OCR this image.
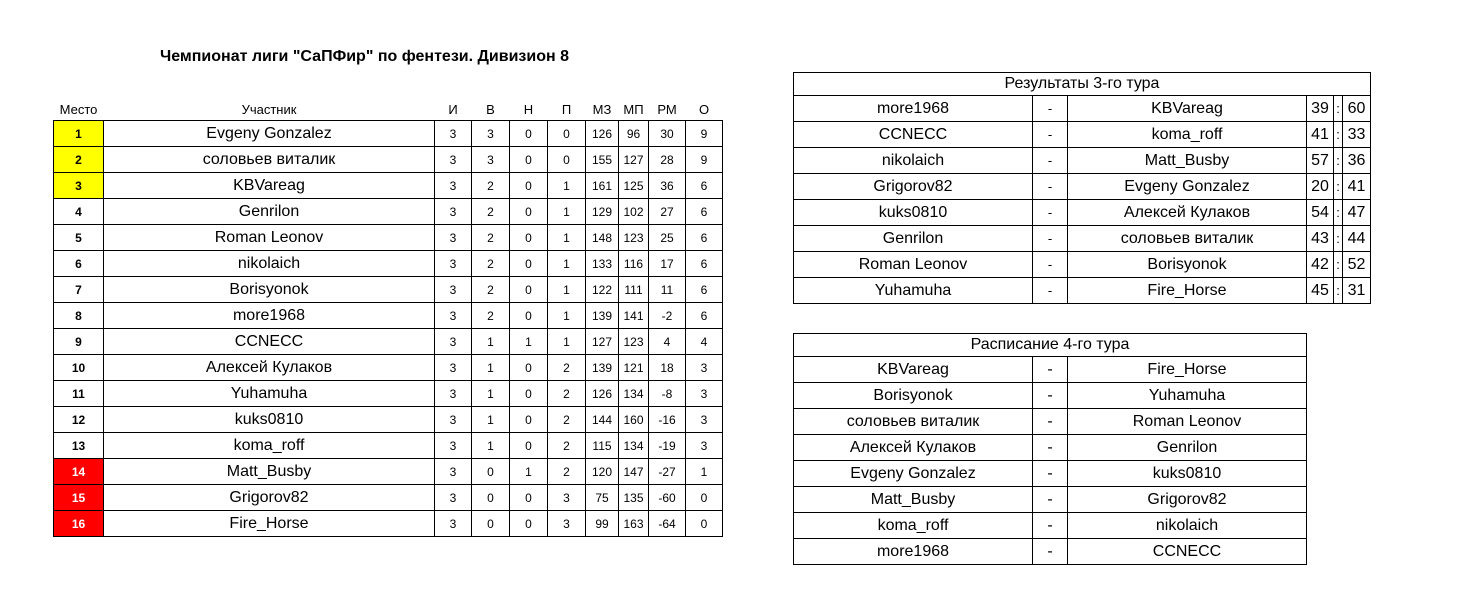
Чемпионат лиги "СаПФир" по фентези. Дивизион 8
Место	Участник	И	В	Н	П	МЗ	МП	РМ	О
1	Evgeny Gonzalez	3	3	0	0	126	96	30	9
2	соловьев виталик	3	3	0	0	155	127	28	9
3	KBVareag	3	2	0	1	161	125	36	6
4	Genrilon	3	2	0	1	129	102	27	6
5	Roman Leonov	3	2	0	1	148	123	25	6
6	nikolaich	3	2	0	1	133	116	17	6
7	Borisyonok	3	2	0	1	122	111	11	6
8	more1968	3	2	0	1	139	141	-2	6
9	CCNECC	3	1	1	1	127	123	4	4
10	Алексей Кулаков	3	1	0	2	139	121	18	3
11	Yuhamuha	3	1	0	2	126	134	-8	3
12	kuks0810	3	1	0	2	144	160	-16	3
13	koma_roff	3	1	0	2	115	134	-19	3
14	Matt_Busby	3	0	1	2	120	147	-27	1
15	Grigorov82	3	0	0	3	75	135	-60	0
16	Fire_Horse	3	0	0	3	99	163	-64	0
Результаты 3-го тура					
more1968	-	KBVareag	39	:	60
CCNECC	-	koma_roff	41	:	33
nikolaich	-	Matt_Busby	57	:	36
Grigorov82	-	Evgeny Gonzalez	20	:	41
kuks0810	-	Алексей Кулаков	54	:	47
Genrilon	-	соловьев виталик	43	:	44
Roman Leonov	-	Borisyonok	42	:	52
Yuhamuha	-	Fire_Horse	45	:	31
Расписание 4-го тура		
KBVareag	-	Fire_Horse
Borisyonok	-	Yuhamuha
соловьев виталик	-	Roman Leonov
Алексей Кулаков	-	Genrilon
Evgeny Gonzalez	-	kuks0810
Matt_Busby	-	Grigorov82
koma_roff	-	nikolaich
more1968	-	CCNECC
